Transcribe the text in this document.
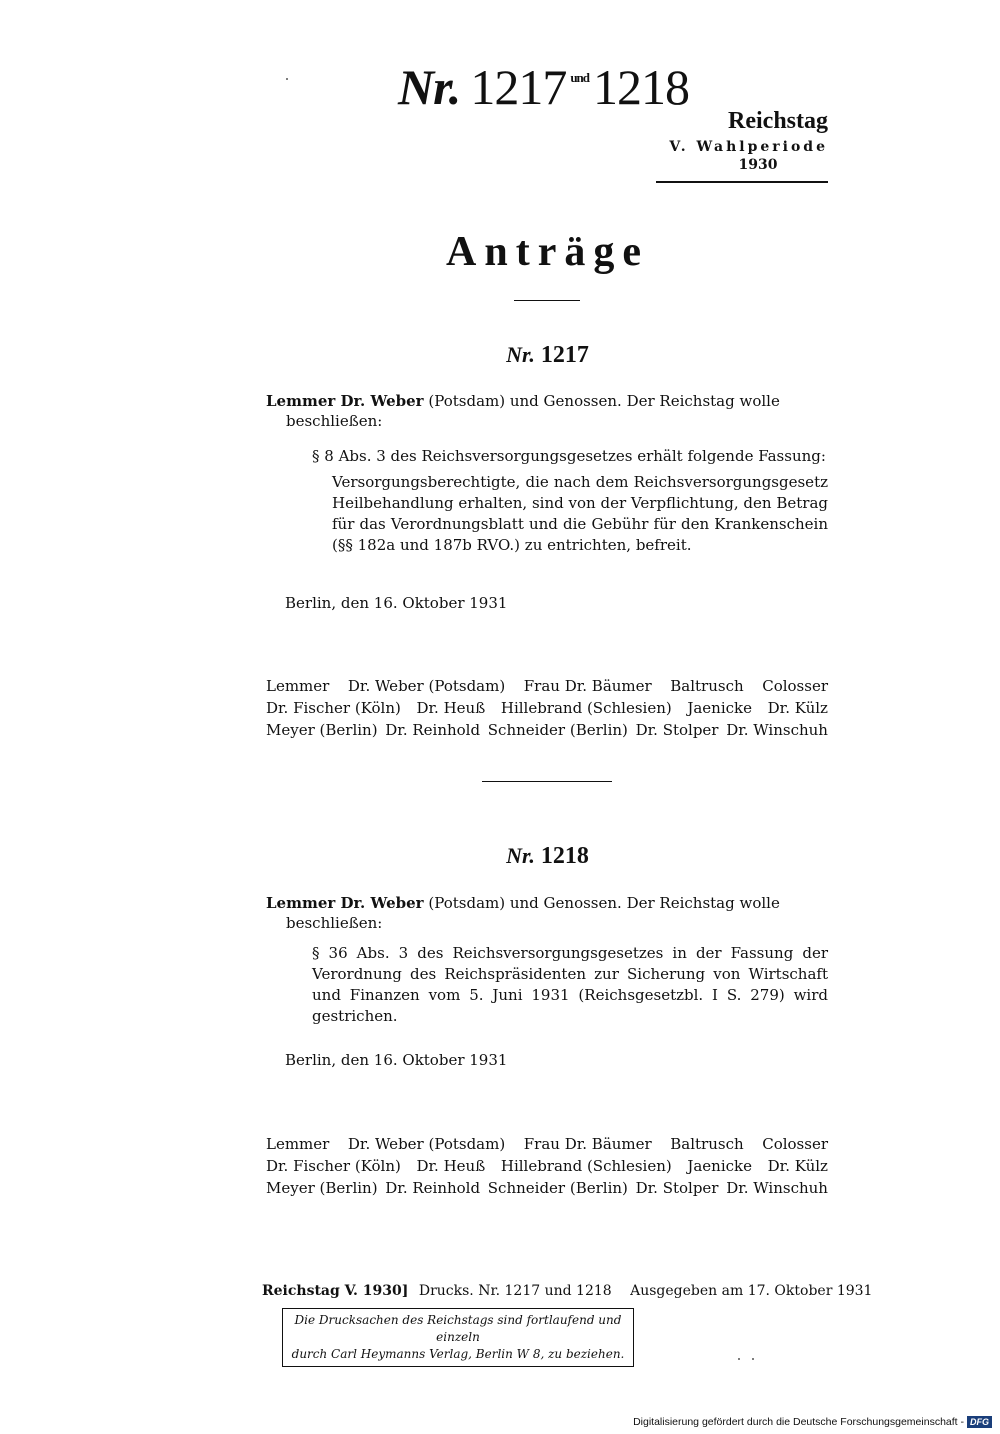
Nr. 1217 $^{und}$1218
Reichstag
V. Wahlperiode
1930
Anträge
Nr. 1217
Lemmer Dr. Weber (Potsdam) und Genossen. Der Reichstag wolle
beschließen:
§ 8 Abs. 3 des Reichsversorgungsgesetzes erhält folgende Fassung:
Versorgungsberechtigte, die nach dem Reichsversorgungsgesetz Heilbehandlung erhalten, sind von der Verpflichtung, den Betrag für das Verordnungsblatt und die Gebühr für den Krankenschein (§§ 182a und 187b RVO.) zu entrichten, befreit.
Berlin, den 16. Oktober 1931
Lemmer Dr. Weber (Potsdam) Frau Dr. Bäumer Baltrusch Colosser
Dr. Fischer (Köln) Dr. Heuß Hillebrand (Schlesien) Jaenicke Dr. Külz
Meyer (Berlin) Dr. Reinhold Schneider (Berlin) Dr. Stolper Dr. Winschuh
Nr. 1218
Lemmer Dr. Weber (Potsdam) und Genossen. Der Reichstag wolle
beschließen:
§ 36 Abs. 3 des Reichsversorgungsgesetzes in der Fassung der Verordnung des Reichspräsidenten zur Sicherung von Wirtschaft und Finanzen vom 5. Juni 1931 (Reichsgesetzbl. I S. 279) wird gestrichen.
Berlin, den 16. Oktober 1931
Lemmer Dr. Weber (Potsdam) Frau Dr. Bäumer Baltrusch Colosser
Dr. Fischer (Köln) Dr. Heuß Hillebrand (Schlesien) Jaenicke Dr. Külz
Meyer (Berlin) Dr. Reinhold Schneider (Berlin) Dr. Stolper Dr. Winschuh
Reichstag V. 1930] Drucks. Nr. 1217 und 1218 Ausgegeben am 17. Oktober 1931
Die Drucksachen des Reichstags sind fortlaufend und einzeln
durch Carl Heymanns Verlag, Berlin W 8, zu beziehen.
Digitalisierung gefördert durch die Deutsche Forschungsgemeinschaft - DFG
